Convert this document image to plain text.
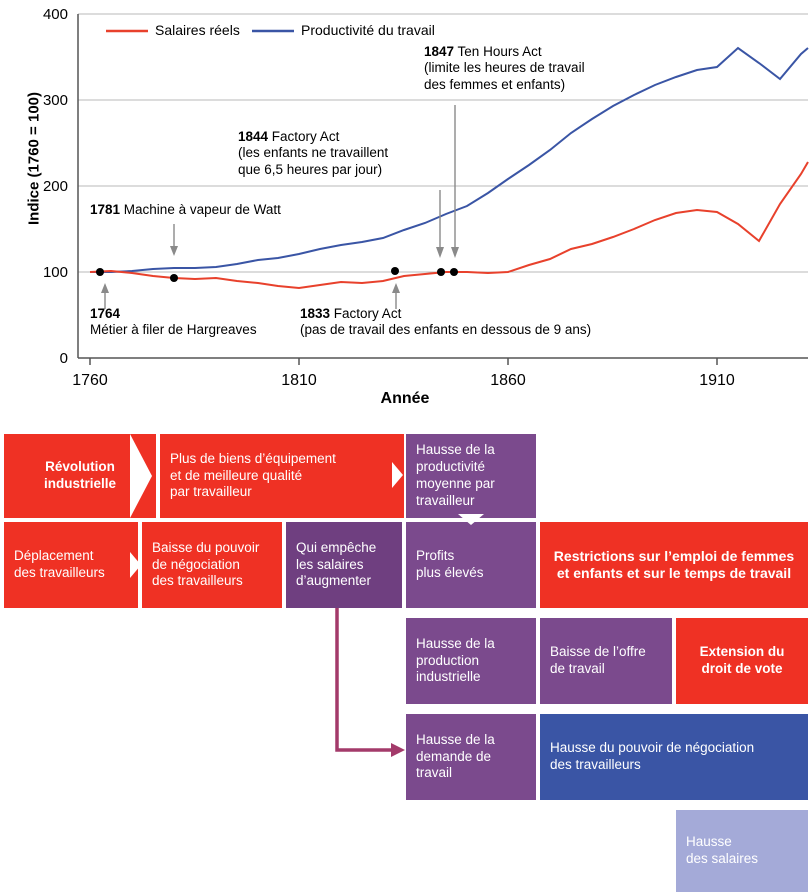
400
300
200
100
0
1760	1810	1860	1910
Salaires réels	Productivité du travail
Indice (1760 = 100)
Année
1781 Machine à vapeur de Watt
1764
Métier à filer de Hargreaves
1833 Factory Act
(pas de travail des enfants en dessous de 9 ans)
1844 Factory Act
(les enfants ne travaillent
que 6,5 heures par jour)
1847 Ten Hours Act
(limite les heures de travail
des femmes et enfants)
Révolution
industrielle
Plus de biens d’équipement
et de meilleure qualité
par travailleur
Hausse de la
productivité
moyenne par
travailleur
Déplacement
des travailleurs
Baisse du pouvoir
de négociation
des travailleurs
Qui empêche
les salaires
d’augmenter
Profits
plus élevés
Restrictions sur l’emploi de femmes
et enfants et sur le temps de travail
Hausse de la
production
industrielle
Baisse de l’offre
de travail
Extension du
droit de vote
Hausse de la
demande de
travail
Hausse du pouvoir de négociation
des travailleurs
Hausse
des salaires
